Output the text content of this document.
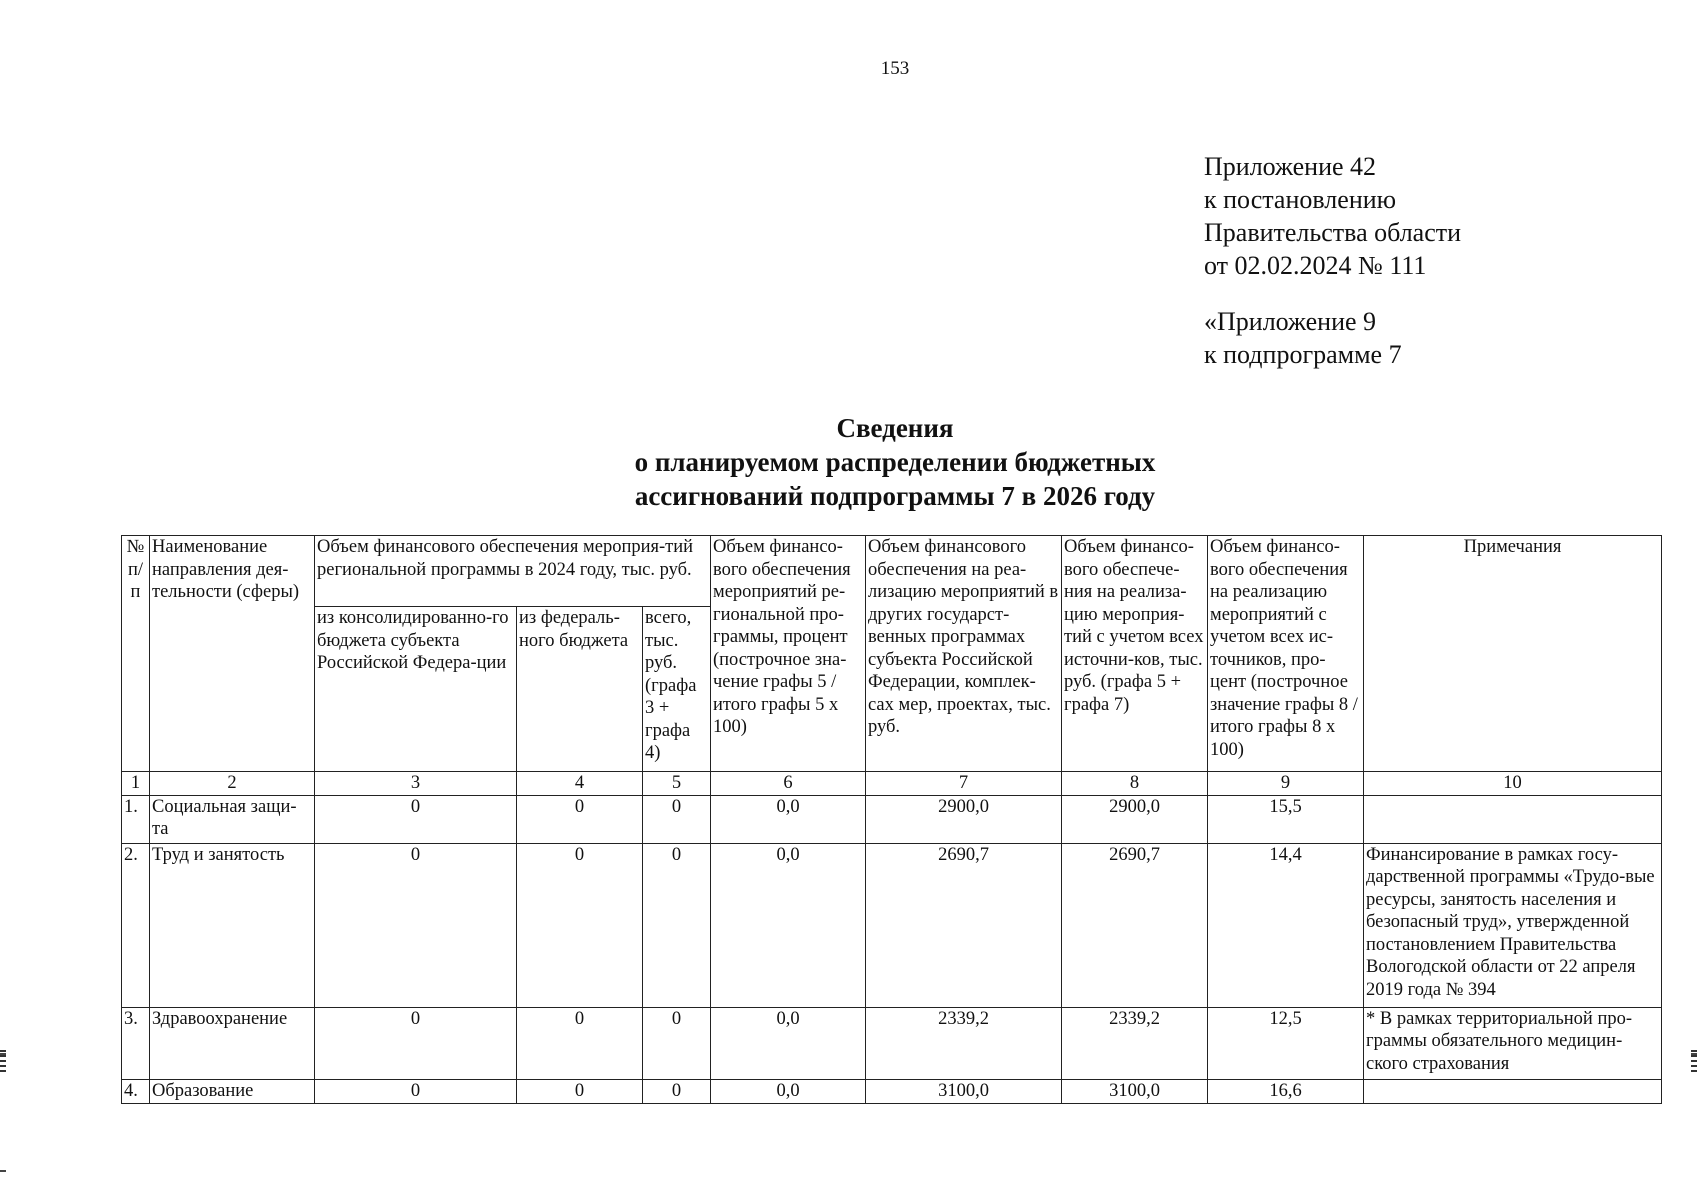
153
Приложение 42
к постановлению
Правительства области
от 02.02.2024 № 111
«Приложение 9
к подпрограмме 7
Сведения
о планируемом распределении бюджетных
ассигнований подпрограммы 7 в 2026 году
№ п/п	Наименование направления дея-тельности (сферы)	Объем финансового обеспечения мероприя-тий региональной программы в 2024 году, тыс. руб.			Объем финансо-вого обеспечения мероприятий ре-гиональной про-граммы, процент (построчное зна-чение графы 5 / итого графы 5 х 100)	Объем финансового обеспечения на реа-лизацию мероприятий в других государст-венных программах субъекта Российской Федерации, комплек-сах мер, проектах, тыс. руб.	Объем финансо-вого обеспече-ния на реализа-цию мероприя-тий с учетом всех источни-ков, тыс. руб. (графа 5 + графа 7)	Объем финансо-вого обеспечения на реализацию мероприятий с учетом всех ис-точников, про-цент (построчное значение графы 8 / итого графы 8 х 100)	Примечания
		из консолидированно-го бюджета субъекта Российской Федера-ции	из федераль-ного бюджета	всего, тыс. руб. (графа 3 + графа 4)					
1	2	3	4	5	6	7	8	9	10
1.	Социальная защи-та	0	0	0	0,0	2900,0	2900,0	15,5	
2.	Труд и занятость	0	0	0	0,0	2690,7	2690,7	14,4	Финансирование в рамках госу-дарственной программы «Трудо-вые ресурсы, занятость населения и безопасный труд», утвержденной постановлением Правительства Вологодской области от 22 апреля 2019 года № 394
3.	Здравоохранение	0	0	0	0,0	2339,2	2339,2	12,5	* В рамках территориальной про-граммы обязательного медицин-ского страхования
4.	Образование	0	0	0	0,0	3100,0	3100,0	16,6	
